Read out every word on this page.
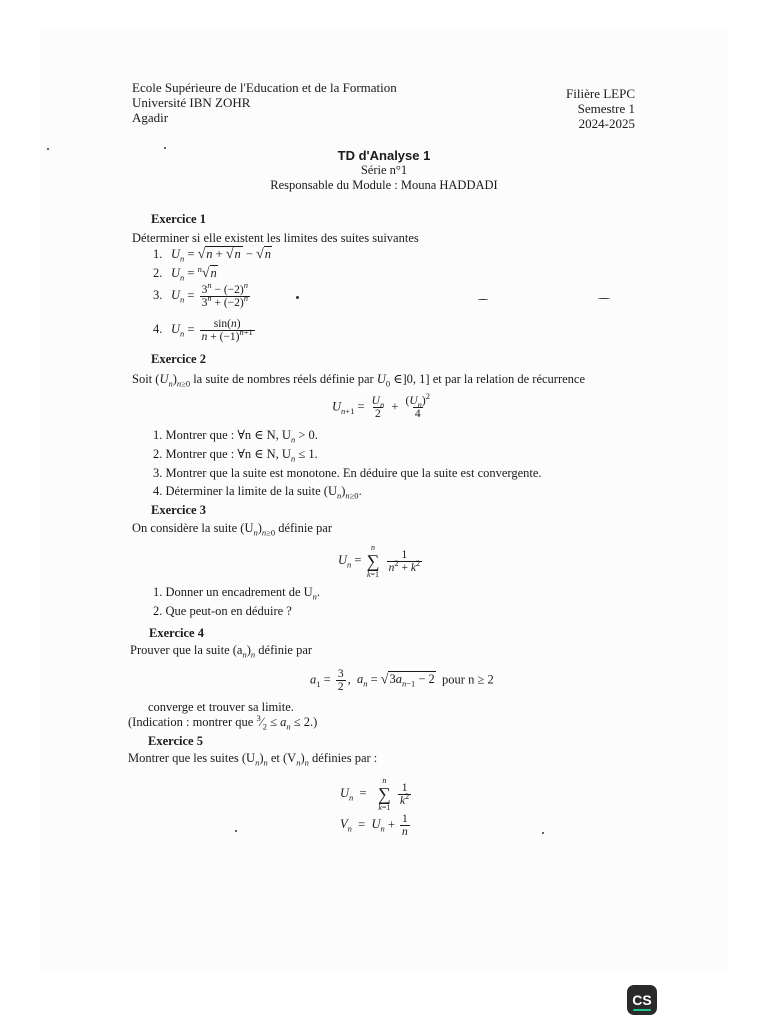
Ecole Supérieure de l'Education et de la Formation
Université IBN ZOHR
Agadir
Filière LEPC
Semestre 1
2024-2025
TD d'Analyse 1
Série n°1
Responsable du Module : Mouna HADDADI
Exercice 1
Déterminer si elle existent les limites des suites suivantes
1. $U_n = √n + √n - √n$
2. $U_n = ^n√n$
3. $U_n = \frac{3^n - (-2)^n}{3^n + (-2)^n}$
4. $U_n = \frac{\sin(n)}{n + (-1)^{n+1}}$
Exercice 2
Soit $(U_n)_{n\ge 0}$ la suite de nombres réels définie par $U_0$ ∈]0, 1] et par la relation de récurrence
$U_{n+1} = \frac{U_n}{2} + \frac{(U_n)^2}{4}$
1. Montrer que : ∀n ∈ N, $U_n > 0$.
2. Montrer que : ∀n ∈ N, $U_n \le 1$.
3. Montrer que la suite est monotone. En déduire que la suite est convergente.
4. Déterminer la limite de la suite $(U_n)_{n\ge 0}$.
Exercice 3
On considère la suite $(U_n)_{n\ge 0}$ définie par
$U_n$ =
n
∑
k=1

$\frac{1}{n^2 + k^2}$
1. Donner un encadrement de $U_n$.
2. Que peut-on en déduire ?
Exercice 4
Prouver que la suite $(a_n)_n$ définie par
$a_1 = \frac{3}{2}$ ,  $a_n = √3a_{n-1} - 2$ pour n ≥ 2
converge et trouver sa limite.
(Indication : montrer que $^3⁄_2 \le a_n \le 2$.)
Exercice 5
Montrer que les suites $(U_n)_n$ et $(V_n)_n$ définies par :
$U_n$  =
n
∑
k=1

$\frac{1}{k^2}$
$V_n = U_n + \frac{1}{n}$
CS
